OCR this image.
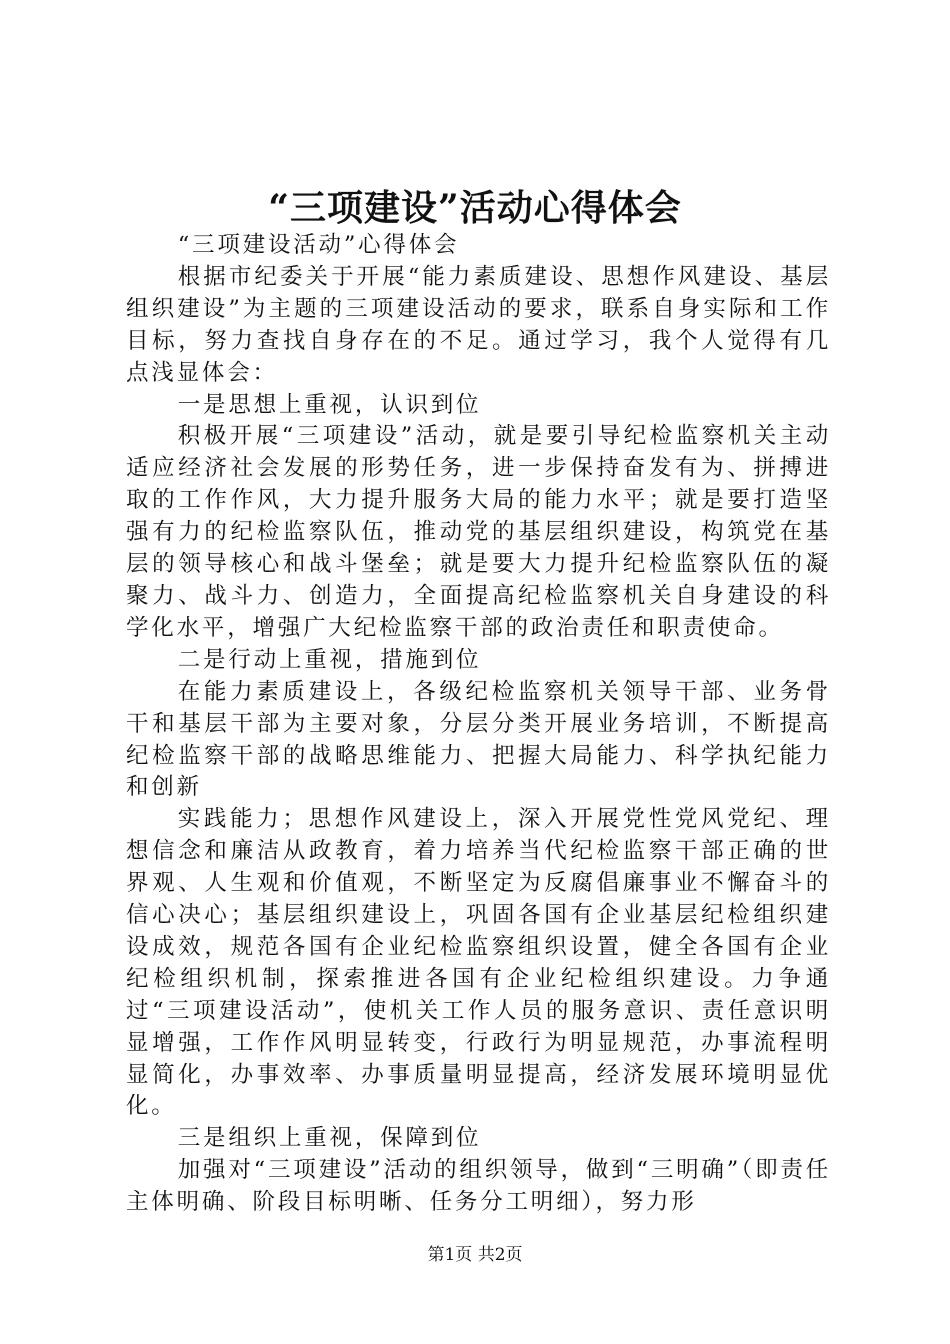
“三项建设”活动心得体会

“三项建设活动”心得体会

根据市纪委关于开展“能力素质建设、思想作风建设、基层组织建设”为主题的三项建设活动的要求，联系自身实际和工作目标，努力查找自身存在的不足。通过学习，我个人觉得有几点浅显体会：

一是思想上重视，认识到位

积极开展“三项建设”活动，就是要引导纪检监察机关主动适应经济社会发展的形势任务，进一步保持奋发有为、拼搏进取的工作作风，大力提升服务大局的能力水平；就是要打造坚强有力的纪检监察队伍，推动党的基层组织建设，构筑党在基层的领导核心和战斗堡垒；就是要大力提升纪检监察队伍的凝聚力、战斗力、创造力，全面提高纪检监察机关自身建设的科学化水平，增强广大纪检监察干部的政治责任和职责使命。

二是行动上重视，措施到位

在能力素质建设上，各级纪检监察机关领导干部、业务骨干和基层干部为主要对象，分层分类开展业务培训，不断提高纪检监察干部的战略思维能力、把握大局能力、科学执纪能力和创新

实践能力；思想作风建设上，深入开展党性党风党纪、理想信念和廉洁从政教育，着力培养当代纪检监察干部正确的世界观、人生观和价值观，不断坚定为反腐倡廉事业不懈奋斗的信心决心；基层组织建设上，巩固各国有企业基层纪检组织建设成效，规范各国有企业纪检监察组织设置，健全各国有企业纪检组织机制，探索推进各国有企业纪检组织建设。力争通过“三项建设活动”，使机关工作人员的服务意识、责任意识明显增强，工作作风明显转变，行政行为明显规范，办事流程明显简化，办事效率、办事质量明显提高，经济发展环境明显优化。

三是组织上重视，保障到位

加强对“三项建设”活动的组织领导，做到“三明确”（即责任主体明确、阶段目标明晰、任务分工明细），努力形

第1页 共2页
